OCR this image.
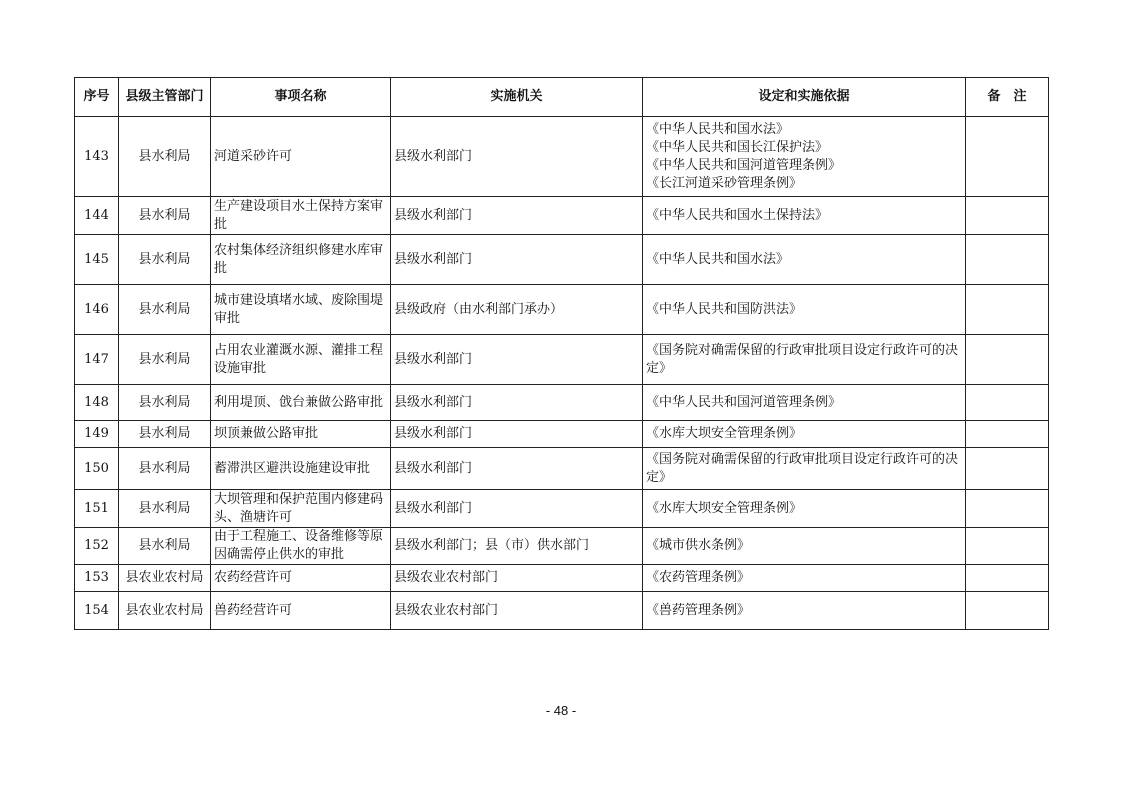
序号	县级主管部门	事项名称	实施机关	设定和实施依据	备　注
143	县水利局	河道采砂许可	县级水利部门	《中华人民共和国水法》
《中华人民共和国长江保护法》
《中华人民共和国河道管理条例》
《长江河道采砂管理条例》	

144	县水利局	生产建设项目水土保持方案审批	县级水利部门	《中华人民共和国水土保持法》	

145	县水利局	农村集体经济组织修建水库审批	县级水利部门	《中华人民共和国水法》	

146	县水利局	城市建设填堵水域、废除围堤审批	县级政府（由水利部门承办）	《中华人民共和国防洪法》	

147	县水利局	占用农业灌溉水源、灌排工程设施审批	县级水利部门	《国务院对确需保留的行政审批项目设定行政许可的决定》	

148	县水利局	利用堤顶、戗台兼做公路审批	县级水利部门	《中华人民共和国河道管理条例》	

149	县水利局	坝顶兼做公路审批	县级水利部门	《水库大坝安全管理条例》	

150	县水利局	蓄滞洪区避洪设施建设审批	县级水利部门	《国务院对确需保留的行政审批项目设定行政许可的决定》	

151	县水利局	大坝管理和保护范围内修建码头、渔塘许可	县级水利部门	《水库大坝安全管理条例》	

152	县水利局	由于工程施工、设备维修等原因确需停止供水的审批	县级水利部门；县（市）供水部门	《城市供水条例》	

153	县农业农村局	农药经营许可	县级农业农村部门	《农药管理条例》	

154	县农业农村局	兽药经营许可	县级农业农村部门	《兽药管理条例》	

- 48 -
